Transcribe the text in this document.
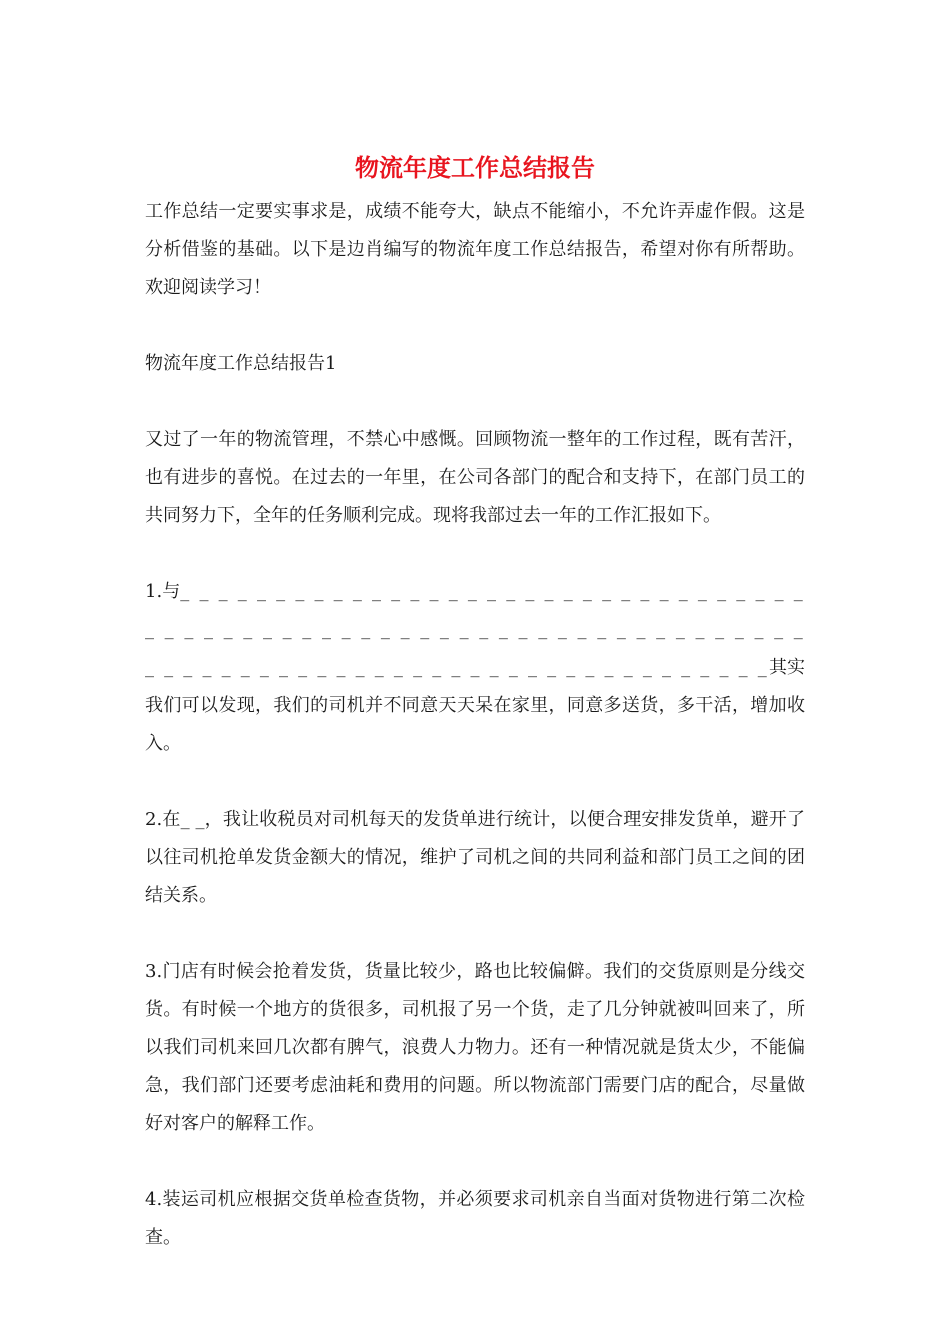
物流年度工作总结报告

工作总结一定要实事求是，成绩不能夸大，缺点不能缩小，不允许弄虚作假。这是分析借鉴的基础。以下是边肖编写的物流年度工作总结报告，希望对你有所帮助。欢迎阅读学习！

物流年度工作总结报告1

又过了一年的物流管理，不禁心中感慨。回顾物流一整年的工作过程，既有苦汗，也有进步的喜悦。在过去的一年里，在公司各部门的配合和支持下，在部门员工的共同努力下，全年的任务顺利完成。现将我部过去一年的工作汇报如下。

1.与_ _ _ _ _ _ _ _ _ _ _ _ _ _ _ _ _ _ _ _ _ _ _ _ _ _ _ _ _ _ _ _ _ _ _ _ _ _ _ _ _ _ _ _ _ _ _ _ _ _ _ _ _ _ _ _ _ _ _ _ _ _ _ _ _ _ _ _ _ _ _ _ _ _ _ _ _ _ _ _ _ _ _ _ _ _ _ _ _ _ _ _ _ _ _ _ _ _ _ _其实我们可以发现，我们的司机并不同意天天呆在家里，同意多送货，多干活，增加收入。

2.在_ _，我让收税员对司机每天的发货单进行统计，以便合理安排发货单，避开了以往司机抢单发货金额大的情况，维护了司机之间的共同利益和部门员工之间的团结关系。

3.门店有时候会抢着发货，货量比较少，路也比较偏僻。我们的交货原则是分线交货。有时候一个地方的货很多，司机报了另一个货，走了几分钟就被叫回来了，所以我们司机来回几次都有脾气，浪费人力物力。还有一种情况就是货太少，不能偏急，我们部门还要考虑油耗和费用的问题。所以物流部门需要门店的配合，尽量做好对客户的解释工作。

4.装运司机应根据交货单检查货物，并必须要求司机亲自当面对货物进行第二次检查。
